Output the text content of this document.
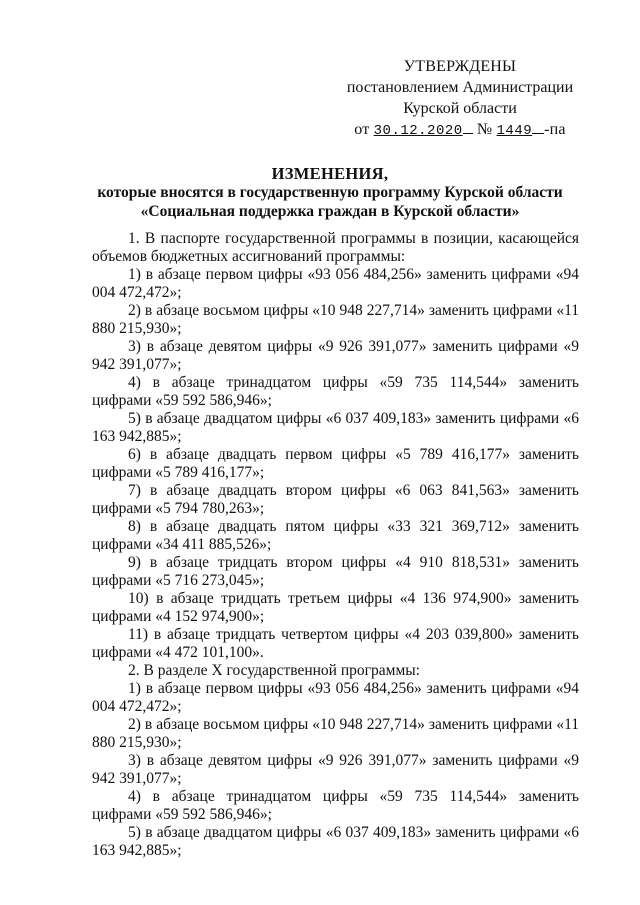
УТВЕРЖДЕНЫ
постановлением Администрации
Курской области
от 30.12.2020 № 1449 -па
ИЗМЕНЕНИЯ,
которые вносятся в государственную программу Курской области
«Социальная поддержка граждан в Курской области»

1. В паспорте государственной программы в позиции, касающейся объемов бюджетных ассигнований программы:

1) в абзаце первом цифры «93 056 484,256» заменить цифрами «94 004 472,472»;

2) в абзаце восьмом цифры «10 948 227,714» заменить цифрами «11 880 215,930»;

3) в абзаце девятом цифры «9 926 391,077» заменить цифрами «9 942 391,077»;

4) в абзаце тринадцатом цифры «59 735 114,544» заменить цифрами «59 592 586,946»;

5) в абзаце двадцатом цифры «6 037 409,183» заменить цифрами «6 163 942,885»;

6) в абзаце двадцать первом цифры «5 789 416,177» заменить цифрами «5 789 416,177»;

7) в абзаце двадцать втором цифры «6 063 841,563» заменить цифрами «5 794 780,263»;

8) в абзаце двадцать пятом цифры «33 321 369,712» заменить цифрами «34 411 885,526»;

9) в абзаце тридцать втором цифры «4 910 818,531» заменить цифрами «5 716 273,045»;

10) в абзаце тридцать третьем цифры «4 136 974,900» заменить цифрами «4 152 974,900»;

11) в абзаце тридцать четвертом цифры «4 203 039,800» заменить цифрами «4 472 101,100».

2. В разделе X государственной программы:

1) в абзаце первом цифры «93 056 484,256» заменить цифрами «94 004 472,472»;

2) в абзаце восьмом цифры «10 948 227,714» заменить цифрами «11 880 215,930»;

3) в абзаце девятом цифры «9 926 391,077» заменить цифрами «9 942 391,077»;

4) в абзаце тринадцатом цифры «59 735 114,544» заменить цифрами «59 592 586,946»;

5) в абзаце двадцатом цифры «6 037 409,183» заменить цифрами «6 163 942,885»;
